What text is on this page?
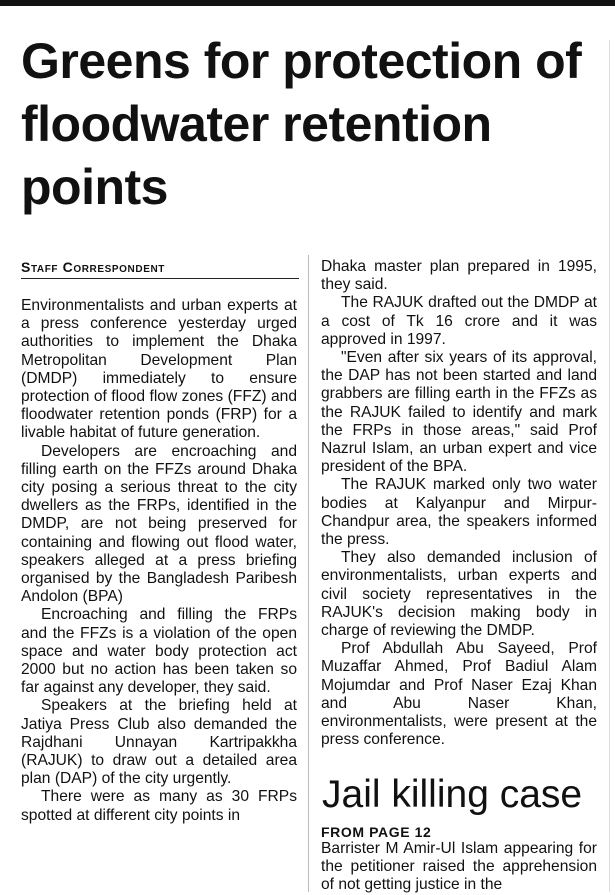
Greens for protection of floodwater retention points
Staff Correspondent

Environmentalists and urban experts at a press conference yesterday urged authorities to implement the Dhaka Metropolitan Development Plan (DMDP) immediately to ensure protection of flood flow zones (FFZ) and floodwater retention ponds (FRP) for a livable habitat of future generation.

Developers are encroaching and filling earth on the FFZs around Dhaka city posing a serious threat to the city dwellers as the FRPs, identified in the DMDP, are not being preserved for containing and flowing out flood water, speakers alleged at a press briefing organised by the Bangladesh Paribesh Andolon (BPA)

Encroaching and filling the FRPs and the FFZs is a violation of the open space and water body protection act 2000 but no action has been taken so far against any developer, they said.

Speakers at the briefing held at Jatiya Press Club also demanded the Rajdhani Unnayan Kartripakkha (RAJUK) to draw out a detailed area plan (DAP) of the city urgently.

There were as many as 30 FRPs spotted at different city points in

Dhaka master plan prepared in 1995, they said.

The RAJUK drafted out the DMDP at a cost of Tk 16 crore and it was approved in 1997.

"Even after six years of its approval, the DAP has not been started and land grabbers are filling earth in the FFZs as the RAJUK failed to identify and mark the FRPs in those areas," said Prof Nazrul Islam, an urban expert and vice president of the BPA.

The RAJUK marked only two water bodies at Kalyanpur and Mirpur-Chandpur area, the speakers informed the press.

They also demanded inclusion of environmentalists, urban experts and civil society representatives in the RAJUK's decision making body in charge of reviewing the DMDP.

Prof Abdullah Abu Sayeed, Prof Muzaffar Ahmed, Prof Badiul Alam Mojumdar and Prof Naser Ezaj Khan and Abu Naser Khan, environmentalists, were present at the press conference.

Jail killing case
FROM PAGE 12

Barrister M Amir-Ul Islam appearing for the petitioner raised the apprehension of not getting justice in the
